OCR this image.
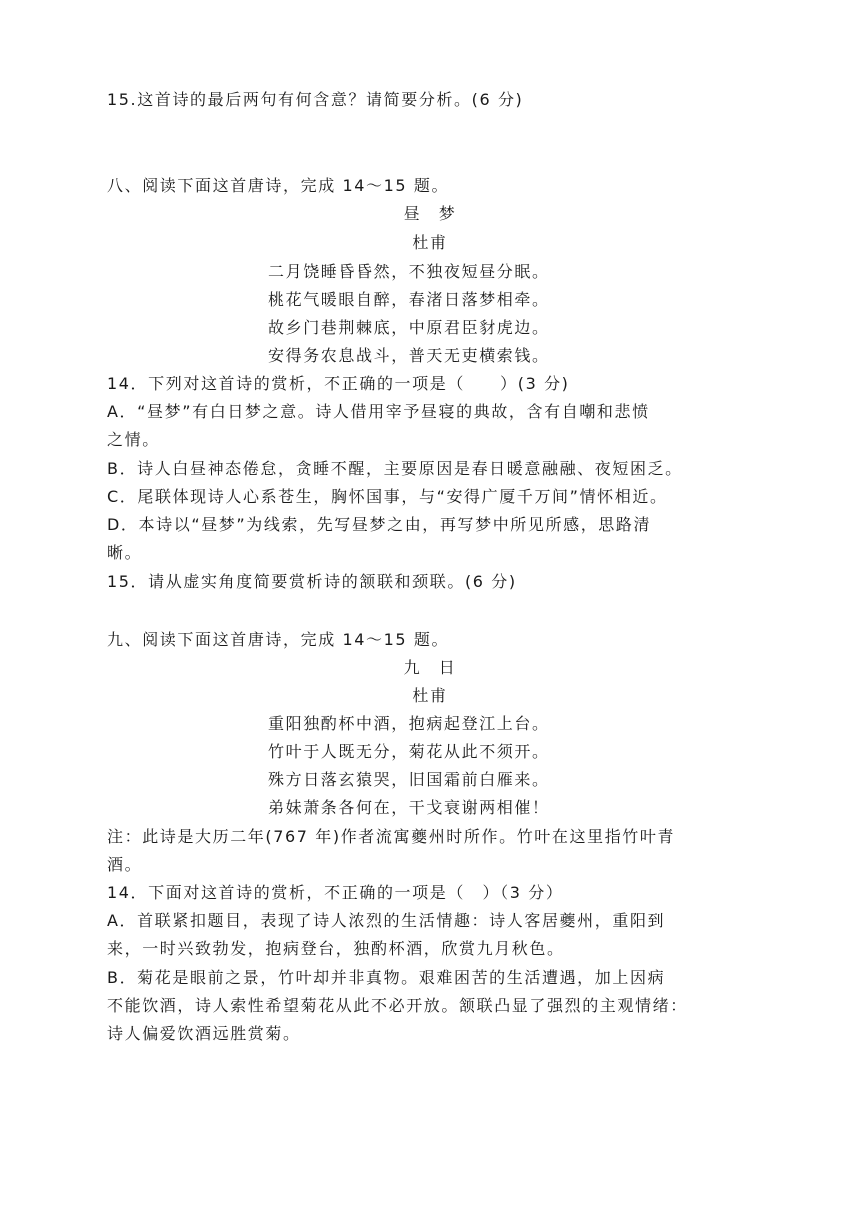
15.这首诗的最后两句有何含意？请简要分析。(6 分)
八、阅读下面这首唐诗，完成 14～15 题。
昼　梦
杜甫
二月饶睡昏昏然，不独夜短昼分眠。
桃花气暖眼自醉，春渚日落梦相牵。
故乡门巷荆棘底，中原君臣豺虎边。
安得务农息战斗，普天无吏横索钱。
14．下列对这首诗的赏析，不正确的一项是（　　）(3 分)
A．“昼梦”有白日梦之意。诗人借用宰予昼寝的典故，含有自嘲和悲愤
之情。
B．诗人白昼神态倦怠，贪睡不醒，主要原因是春日暖意融融、夜短困乏。
C．尾联体现诗人心系苍生，胸怀国事，与“安得广厦千万间”情怀相近。
D．本诗以“昼梦”为线索，先写昼梦之由，再写梦中所见所感，思路清
晰。
15．请从虚实角度简要赏析诗的颔联和颈联。(6 分)
九、阅读下面这首唐诗，完成 14～15 题。
九　日
杜甫
重阳独酌杯中酒，抱病起登江上台。
竹叶于人既无分，菊花从此不须开。
殊方日落玄猿哭，旧国霜前白雁来。
弟妹萧条各何在，干戈衰谢两相催！
注：此诗是大历二年(767 年)作者流寓夔州时所作。竹叶在这里指竹叶青
酒。
14．下面对这首诗的赏析，不正确的一项是（　）（3 分）
A．首联紧扣题目，表现了诗人浓烈的生活情趣：诗人客居夔州，重阳到
来，一时兴致勃发，抱病登台，独酌杯酒，欣赏九月秋色。
B．菊花是眼前之景，竹叶却并非真物。艰难困苦的生活遭遇，加上因病
不能饮酒，诗人索性希望菊花从此不必开放。颔联凸显了强烈的主观情绪：
诗人偏爱饮酒远胜赏菊。
